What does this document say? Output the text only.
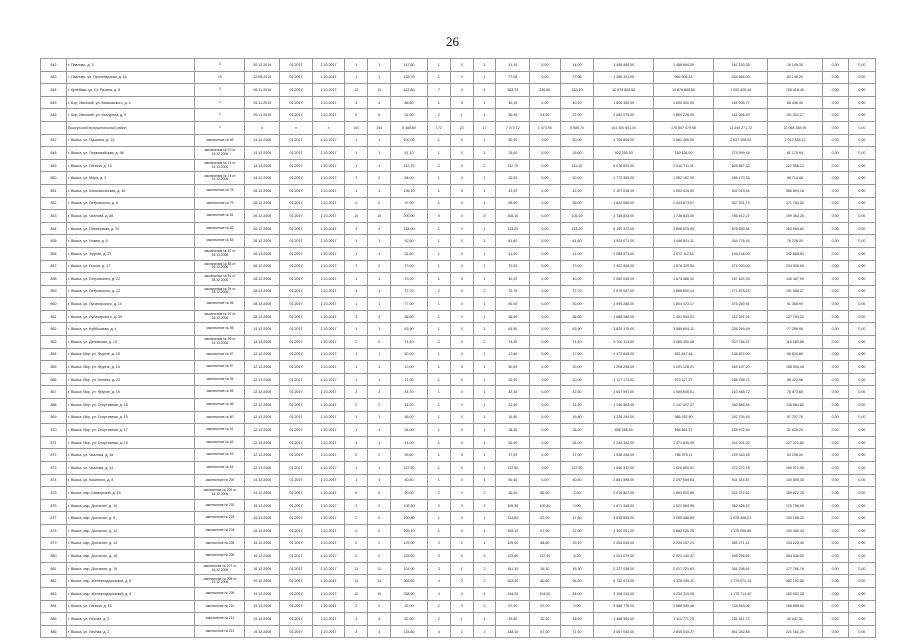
26
842	г. Павлово, д. 3	3	30.12.2019	01.2017	1.10.2017	1	1	147,80	1	0	1	31,30	0,00	14,00	1 458 684,00	1 458 684,00	161 153,35	16 145,35	0,00	0,00
843	г. Павлово, ул. Пролетарская, д. 16	19	12.08.2019	01.2017	1.10.2017	1	1	136,70	1	0	1	77,08	0,00	77,08	1 286 431,00	969 306,43	254 666,00	62 146,20	0,00	0,00
844	г. Кулебаки, ул. Ст. Разина, д. 5	3	26.11.2019	01.2017	1.10.2017	12	11	613,80	7	0	4	263,70	236,80	263,70	10 879 809,60	10 879 809,60	1 000 426,44	700 416,40	0,00	0,00
845	г. Бор, Минский, ул. Маяковского, д. 4	1	26.11.2019	01.2017	1.10.2017	4	4	88,80	1	0	1	40,10	0,00	40,10	1 600 300,00	1 600 300,00	161 905,77	66 436,40	0,00	0,00
846	г. Бор, Минский, ул. Мичурина, д. 9	1	26.11.2019	01.2017	1.10.2017	6	6	92,90	2	1	1	50,30	24,30	27,50	2 082 079,00	1 809 228,00	161 056,40	151 362,17	0,00	0,00
	Выксунский муниципальный район	x	x	x	x	100	194	8 488,80	172	23	17	7 073,72	1 473,00	5 588,70	161 400 651,00	176 807 479,66	13 440 271,72	12 068 388,99	0,00	0,00
847	г. Выкса, ул. Пушкина, д. 13	заключение № 69	14.12.2006	01.2017	1.10.2017	1	1	100,00	1	0	1	50,00	0,00	50,00	4 708 896,00	2 961 406,00	2 637 108,00	2 012 835,12	0,00	0,00
848	г. Выкса, ул. Первомайская, д. 98	заключение № 70 от 14.12.2006	14.12.2006	01.2017	1.10.2017	1	1	51,10	1	0	1	25,60	0,00	25,60	922 250,00	160 116,00	275 999,44	61 170,94	0,00	0,00
849	г. Выкса, ул. Ленина, д. 15	заключение № 71 от 14.12.2006	14.12.2006	01.2017	1.10.2017	1	1	112,70	2	0	2	112,70	0,00	111,10	5 076 620,00	2 610 711,11	626 887,32	121 556,13	0,00	0,00
850	г. Выкса, ул. Мира, д. 2	заключение № 74 от 14.12.2006	14.12.2006	01.2017	1.10.2017	2	2	58,00	1	0	1	20,00	0,00	30,00	1 772 365,00	1 952 187,00	285 170,33	98 714,46	0,00	0,00
851	г. Выкса, ул. Комсомольская, д. 46	заключение № 76	26.12.2006	01.2017	1.10.2017	1	1	126,10	1	0	1	42,20	0,00	42,20	2 157 018,00	1 902 415,00	402 013,44	366 894,16	0,00	0,00
852	г. Выкса, ул. Островского, д. 6	заключение № 79	26.12.2006	01.2017	1.10.2017	2	2	97,50	1	0	1	59,00	0,00	59,00	1 820 086,00	1 443 873,07	307 931,79	171 764,50	0,00	0,00
853	г. Выкса, ул. Чкалова, д. 86	заключение № 81	26.12.2006	01.2017	1.10.2017	10	10	200,00	5	0	5	106,10	0,00	106,10	1 738 833,00	1 738 833,00	786 912,27	199 363,26	0,00	0,00
854	г. Выкса, ул. Пионерская, д. 70	заключение № 82	26.12.2006	01.2017	1.10.2017	4	4	154,00	1	0	1	113,20	0,00	113,20	5 150 472,00	3 806 875,45	876 890,54	263 065,60	0,00	0,00
855	г. Выкса, ул. Новая, д. 6	заключение № 83	26.12.2006	01.2017	1.10.2017	1	1	92,50	1	0	1	81,80	0,00	81,80	1 924 071,00	1 446 641,11	264 776,44	76 226,30	0,00	0,00
856	г. Выкса, ул. Фрунзе, д. 27	заключение № 87 от 26.12.2006	26.12.2006	01.2017	1.10.2017	1	1	51,80	1	0	1	41,00	0,00	41,00	2 058 573,00	2 072 112,51	194 148,00	142 888,93	0,00	0,00
857	г. Выкса, ул. Гоголя, д. 17	заключение № 88 от 26.12.2006	26.12.2006	01.2017	1.10.2017	2	2	70,00	1	0	1	70,00	0,00	70,00	2 402 808,00	1 876 320,54	271 200,00	234 398,00	0,00	0,00
858	г. Выкса, ул. Островского, д. 22	заключение № 91 от 28.12.2006	28.12.2006	01.2017	1.10.2017	1	1	79,20	1	0	1	40,20	0,00	40,20	2 060 045,00	1 573 486,42	187 524,33	140 467,00	0,00	0,00
859	г. Выкса, ул. Островского, д. 12	заключение № 94 от 28.12.2006	28.12.2006	01.2017	1.10.2017	1	1	72,70	2	0	2	72,70	0,00	72,70	2 676 067,00	1 866 800,14	271 878,24	191 058,37	0,00	0,00
860	г. Выкса, ул. Луначарского, д. 14	заключение № 96	28.12.2006	01.2017	1.10.2017	1	1	77,90	1	0	1	50,00	0,00	50,00	1 995 286,00	1 804 373,17	476 250,91	91 308,99	0,00	0,00
861	г. Выкса, ул. Луначарского, д. 39	заключение № 97 от 28.12.2006	28.12.2006	01.2017	1.10.2017	3	3	36,80	1	0	1	36,60	0,00	36,60	1 688 286,00	1 491 504,41	413 391,26	137 754,00	0,00	0,00
862	г. Выкса, ул. Куйбышева, д. 4	заключение № 98	14.12.2006	01.2017	1.10.2017	1	1	63,90	1	0	1	63,90	0,00	63,90	3 820 175,00	3 080 604,11	326 269,49	77 256,98	0,00	0,00
863	г. Выкса, ул. Деповская, д. 15	заключение № 99 от 14.12.2006	14.12.2006	01.2017	1.10.2017	2	2	74,40	2	0	2	74,40	0,00	74,40	5 700 114,00	3 065 400,48	307 784,37	116 063,88	0,00	0,00
864	г. Выкса, Мкр. ул. Фрунзе, д. 15	заключение № 67	12.12.2006	01.2017	1.10.2017	1	1	50,00	1	0	1	17,60	0,00	17,60	4 472 848,00	451 847,46	136 822,00	39 624,80	0,00	0,00
865	г. Выкса, Мкр. ул. Фрунзе, д. 15	заключение № 67	12.12.2006	01.2017	1.10.2017	1	1	10,00	1	0	1	50,00	0,00	30,00	1 208 298,00	1 201 126,21	449 107,20	168 500,48	0,00	0,00
866	г. Выкса, Мкр. ул. Ленина, д. 22	заключение № 54	12.12.2006	01.2017	1.10.2017	1	1	21,50	1	0	1	20,00	0,00	20,00	1 117 174,02	970 117,37	288 788,71	58 423,98	0,00	0,00
867	г. Выкса, Мкр. ул. Фрунзе, д. 19	заключение № 55	12.12.2006	01.2017	1.10.2017	3	3	44,70	1	0	1	42,30	0,00	42,30	1 607 997,00	1 080 606,51	210 468,72	75 873,68	0,00	0,00
868	г. Выкса, Мкр. ул. Спортивная, д. 18	заключение № 56	12.12.2006	01.2017	1.10.2017	2	2	41,20	1	0	1	21,40	0,00	21,40	1 246 563,00	1 147 497,37	340 885,44	136 864,80	0,00	0,00
869	г. Выкса, Мкр. ул. Спортивная, д. 15	заключение № 60	12.12.2006	01.2017	1.10.2017	1	1	56,00	1	0	1	16,80	0,00	16,80	1 226 294,00	986 762,90	292 704,45	97 707,78	0,00	0,00
870	г. Выкса, Мкр. ул. Спортивная, д. 17	заключение № 61	12.12.2006	01.2017	1.10.2017	1	1	54,00	1	0	1	38,30	0,00	38,30	656 285,00	466 861,72	138 972,40	31 628,20	0,00	0,00
871	г. Выкса, Мкр. ул. Спортивная, д. 19	заключение № 62	12.12.2006	01.2017	1.10.2017	1	1	74,00	1	0	1	54,00	0,00	54,00	2 244 342,00	1 471 835,40	441 001,03	127 321,80	0,00	0,00
872	г. Выкса, ул. Чкалова, д. 4а	заключение № 63	12.12.2006	01.2017	1.10.2017	2	2	55,60	1	0	1	37,00	0,00	37,00	1 538 258,00	786 975,11	229 343,53	52 238,00	0,00	0,00
873	г. Выкса, ул. Чкалова, д. 14	заключение № 64	12.12.2006	01.2017	1.10.2017	1	1	117,50	1	0	1	117,50	0,00	117,50	1 840 312,00	1 620 800,51	472 272,15	150 912,90	0,00	0,00
874	г. Выкса, ул. Кошевого, д. 8	заключение № 200	14.12.2006	01.2017	1.10.2017	1	1	60,40	1	0	1	60,40	0,00	60,40	2 881 598,00	2 297 654,53	401 314,67	130 809,35	0,00	0,00
875	г. Выкса, мкр. Шиморский, д. 15	заключение № 201 от 14.12.2006	14.12.2006	01.2017	1.10.2017	5	5	90,00	2	0	2	90,00	86,50	3,50	2 976 867,00	1 891 920,88	421 372,62	189 822,25	0,00	0,00
876	г. Выкса, мкр. Досчатое, д. 10	заключение № 202	15.12.2006	01.2017	1.10.2017	2	2	105,30	2	0	2	105,30	100,80	0,00	1 671 348,00	1 021 564,95	362 426,57	176 756,05	0,00	0,00
877	г. Выкса, мкр. Досчатое, д. 5	заключение № 203	15.12.2006	01.2017	1.10.2017	2	2	100,80	1	0	1	114,80	67,00	47,80	3 835 855,00	3 050 486,80	1 978 406,21	190 158,20	0,00	0,00
878	г. Выкса, мкр. Досчатое, д. 12	заключение № 204	15.12.2006	01.2017	1.10.2017	2	2	105,10	1	0	1	105,10	67,50	37,60	3 300 001,00	2 862 026,26	1 176 090,85	100 360,43	0,00	0,00
879	г. Выкса, мкр. Досчатое, д. 14	заключение № 205	15.12.2006	01.2017	1.10.2017	2	2	129,00	3	2	1	129,00	88,80	29,10	2 254 045,00	2 234 157,21	385 271,41	134 225,40	0,00	0,00
880	г. Выкса, мкр. Досчатое, д. 18	заключение № 206	16.12.2006	01.2017	1.10.2017	2	2	125,60	3	0	3	125,60	117,40	8,20	4 021 079,00	2 971 140,47	445 296,66	284 536,00	0,00	0,00
881	г. Выкса, мкр. Досчатое, д. 19	заключение № 207 от 16.12.2006	16.12.2006	01.2017	1.10.2017	11	11	101,90	3	1	2	161,30	36,30	45,30	2 227 038,00	2 017 721,63	381 256,61	177 766,76	0,00	0,00
882	г. Выкса, мкр. Железнодорожный, д. 6	заключение № 208 от 19.12.2006	19.12.2006	01.2017	1.10.2017	14	14	303,60	4	2	2	303,40	80,80	96,20	5 732 673,00	4 378 295,11	1 770 574,13	382 102,56	0,00	0,00
883	г. Выкса, мкр. Железнодорожный, д. 8	заключение № 209	19.12.2006	01.2017	1.10.2017	10	10	258,90	4	0	4	244,20	104,50	84,00	3 108 242,00	4 234 319,05	1 175 714,42	182 952,39	0,00	0,00
884	г. Выкса, ул. Ленина, д. 15	заключение № 210	19.12.2006	01.2017	1.10.2017	2	2	92,00	2	0	2	97,00	97,00	0,00	3 588 776,00	2 888 549,46	734 643,06	168 859,80	0,00	0,00
885	г. Выкса, ул. Лесная, д. 2	заключение № 211	19.12.2006	01.2017	1.10.2017	4	4	82,90	2	1	1	49,80	32,30	18,40	1 468 300,00	1 113 771,75	251 611,72	42 442,31	0,00	0,00
886	г. Выкса, ул. Лесная, д. 3	заключение № 212	19.12.2006	01.2017	1.10.2017	4	4	128,80	4	2	2	138,10	67,00	71,10	3 067 040,00	2 845 015,27	861 282,85	221 161,29	0,00	0,00
